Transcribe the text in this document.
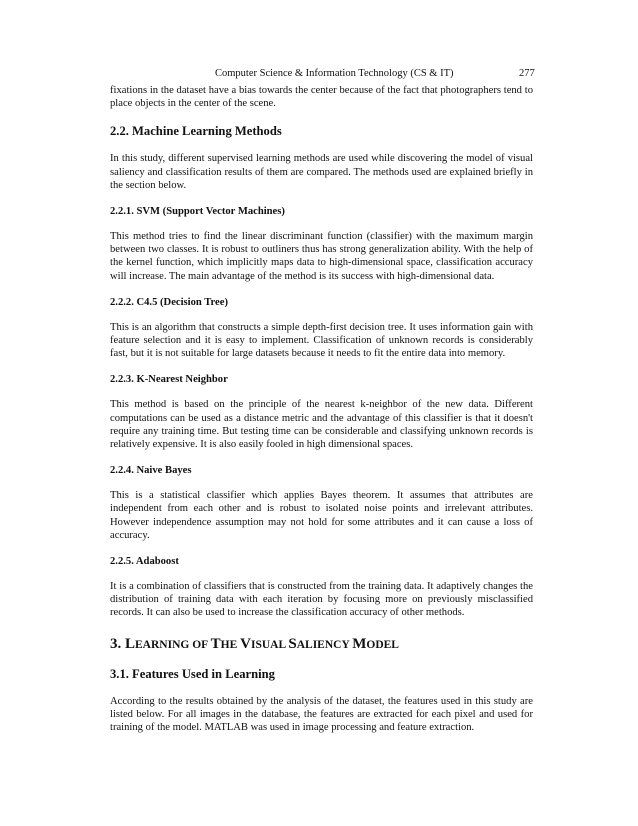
Computer Science & Information Technology (CS & IT)	277

fixations in the dataset have a bias towards the center because of the fact that photographers tend to place objects in the center of the scene.

2.2. Machine Learning Methods

In this study, different supervised learning methods are used while discovering the model of visual saliency and classification results of them are compared. The methods used are explained briefly in the section below.

2.2.1. SVM (Support Vector Machines)

This method tries to find the linear discriminant function (classifier) with the maximum margin between two classes. It is robust to outliners thus has strong generalization ability. With the help of the kernel function, which implicitly maps data to high-dimensional space, classification accuracy will increase. The main advantage of the method is its success with high-dimensional data.

2.2.2. C4.5 (Decision Tree)

This is an algorithm that constructs a simple depth-first decision tree. It uses information gain with feature selection and it is easy to implement. Classification of unknown records is considerably fast, but it is not suitable for large datasets because it needs to fit the entire data into memory.

2.2.3. K-Nearest Neighbor

This method is based on the principle of the nearest k-neighbor of the new data. Different computations can be used as a distance metric and the advantage of this classifier is that it doesn't require any training time. But testing time can be considerable and classifying unknown records is relatively expensive. It is also easily fooled in high dimensional spaces.

2.2.4. Naive Bayes

This is a statistical classifier which applies Bayes theorem. It assumes that attributes are independent from each other and is robust to isolated noise points and irrelevant attributes. However independence assumption may not hold for some attributes and it can cause a loss of accuracy.

2.2.5. Adaboost

It is a combination of classifiers that is constructed from the training data. It adaptively changes the distribution of training data with each iteration by focusing more on previously misclassified records. It can also be used to increase the classification accuracy of other methods.

3. LEARNING OF THE VISUAL SALIENCY MODEL
3.1. Features Used in Learning

According to the results obtained by the analysis of the dataset, the features used in this study are listed below. For all images in the database, the features are extracted for each pixel and used for training of the model. MATLAB was used in image processing and feature extraction.
